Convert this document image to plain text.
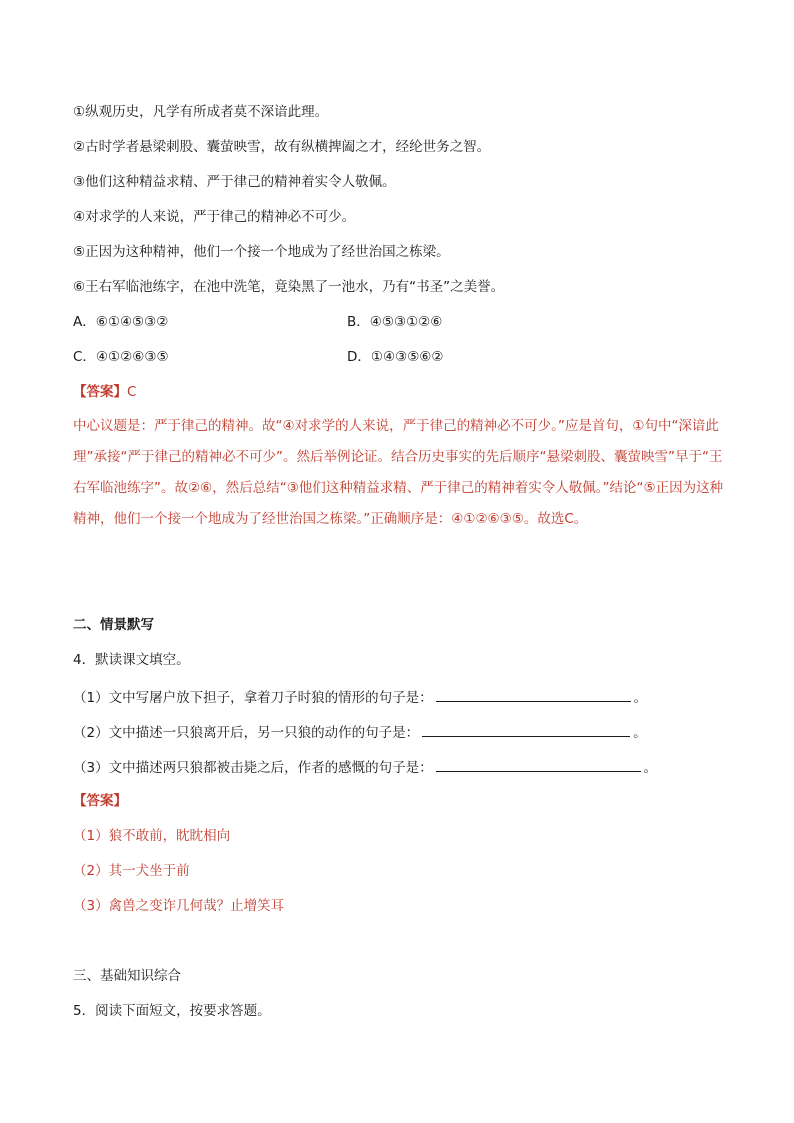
①纵观历史，凡学有所成者莫不深谙此理。
②古时学者悬梁刺股、囊萤映雪，故有纵横捭阖之才，经纶世务之智。
③他们这种精益求精、严于律己的精神着实令人敬佩。
④对求学的人来说，严于律己的精神必不可少。
⑤正因为这种精神，他们一个接一个地成为了经世治国之栋梁。
⑥王右军临池练字，在池中洗笔，竟染黑了一池水，乃有“书圣”之美誉。
A．⑥①④⑤③②	B．④⑤③①②⑥
C．④①②⑥③⑤	D．①④③⑤⑥②
【答案】C
中心议题是：严于律己的精神。故“④对求学的人来说，严于律己的精神必不可少。”应是首句，①句中“深谙此理”承接“严于律己的精神必不可少”。然后举例论证。结合历史事实的先后顺序“悬梁刺股、囊萤映雪”早于“王右军临池练字”。故②⑥，然后总结“③他们这种精益求精、严于律己的精神着实令人敬佩。”结论“⑤正因为这种精神，他们一个接一个地成为了经世治国之栋梁。”正确顺序是：④①②⑥③⑤。故选C。
二、情景默写
4．默读课文填空。
（1）文中写屠户放下担子，拿着刀子时狼的情形的句子是：	。
（2）文中描述一只狼离开后，另一只狼的动作的句子是：	。
（3）文中描述两只狼都被击毙之后，作者的感慨的句子是：	。
【答案】
（1）狼不敢前，眈眈相向
（2）其一犬坐于前
（3）禽兽之变诈几何哉？止增笑耳
三、基础知识综合
5．阅读下面短文，按要求答题。
